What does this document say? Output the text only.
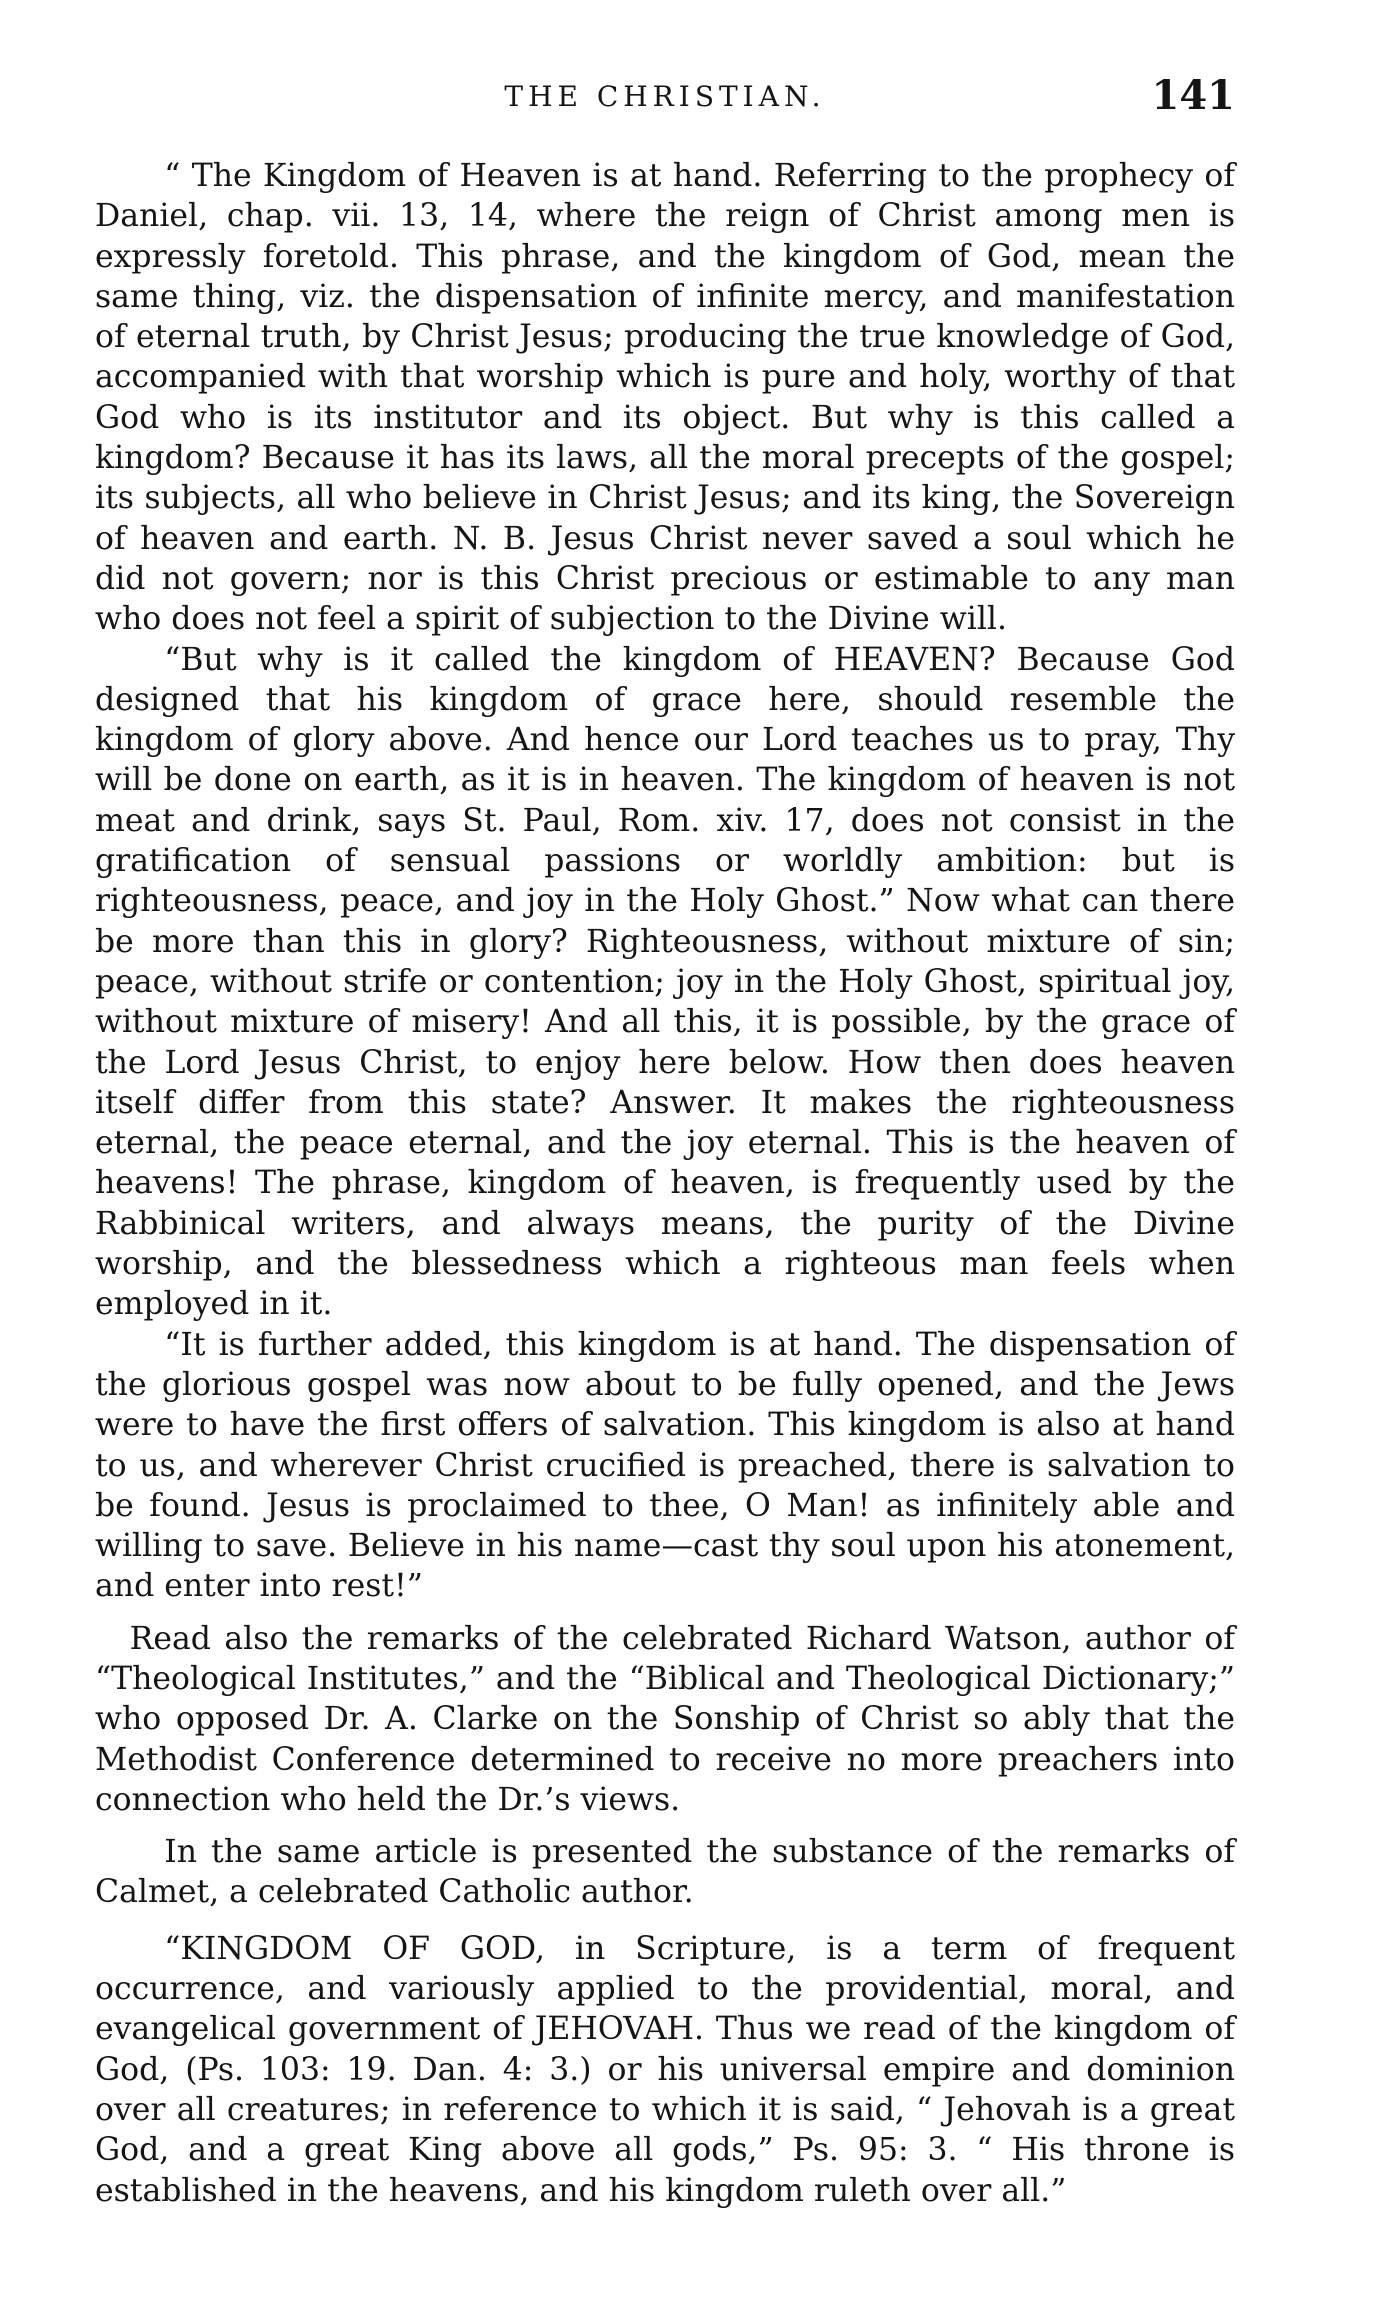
THE CHRISTIAN.	141

“ The Kingdom of Heaven is at hand. Referring to the prophecy of Daniel, chap. vii. 13, 14, where the reign of Christ among men is expressly foretold. This phrase, and the kingdom of God, mean the same thing, viz. the dispensation of infinite mercy, and manifestation of eternal truth, by Christ Jesus; producing the true knowledge of God, accompanied with that worship which is pure and holy, worthy of that God who is its institutor and its object. But why is this called a kingdom? Because it has its laws, all the moral precepts of the gospel; its subjects, all who believe in Christ Jesus; and its king, the Sovereign of heaven and earth. N. B. Jesus Christ never saved a soul which he did not govern; nor is this Christ precious or estimable to any man who does not feel a spirit of subjection to the Divine will.

“But why is it called the kingdom of HEAVEN? Because God designed that his kingdom of grace here, should resemble the kingdom of glory above. And hence our Lord teaches us to pray, Thy will be done on earth, as it is in heaven. The kingdom of heaven is not meat and drink, says St. Paul, Rom. xiv. 17, does not consist in the gratification of sensual passions or worldly ambition: but is righteousness, peace, and joy in the Holy Ghost.” Now what can there be more than this in glory? Righteousness, without mixture of sin; peace, without strife or contention; joy in the Holy Ghost, spiritual joy, without mixture of misery! And all this, it is possible, by the grace of the Lord Jesus Christ, to enjoy here below. How then does heaven itself differ from this state? Answer. It makes the righteousness eternal, the peace eternal, and the joy eternal. This is the heaven of heavens! The phrase, kingdom of heaven, is frequently used by the Rabbinical writers, and always means, the purity of the Divine worship, and the blessedness which a righteous man feels when employed in it.

“It is further added, this kingdom is at hand. The dispensation of the glorious gospel was now about to be fully opened, and the Jews were to have the first offers of salvation. This kingdom is also at hand to us, and wherever Christ crucified is preached, there is salvation to be found. Jesus is proclaimed to thee, O Man! as infinitely able and willing to save. Believe in his name—cast thy soul upon his atonement, and enter into rest!”

Read also the remarks of the celebrated Richard Watson, author of “Theological Institutes,” and the “Biblical and Theological Dictionary;” who opposed Dr. A. Clarke on the Sonship of Christ so ably that the Methodist Conference determined to receive no more preachers into connection who held the Dr.’s views.

In the same article is presented the substance of the remarks of Calmet, a celebrated Catholic author.

“KINGDOM OF GOD, in Scripture, is a term of frequent occurrence, and variously applied to the providential, moral, and evangelical government of JEHOVAH. Thus we read of the kingdom of God, (Ps. 103: 19. Dan. 4: 3.) or his universal empire and dominion over all creatures; in reference to which it is said, “ Jehovah is a great God, and a great King above all gods,” Ps. 95: 3. “ His throne is established in the heavens, and his kingdom ruleth over all.”
